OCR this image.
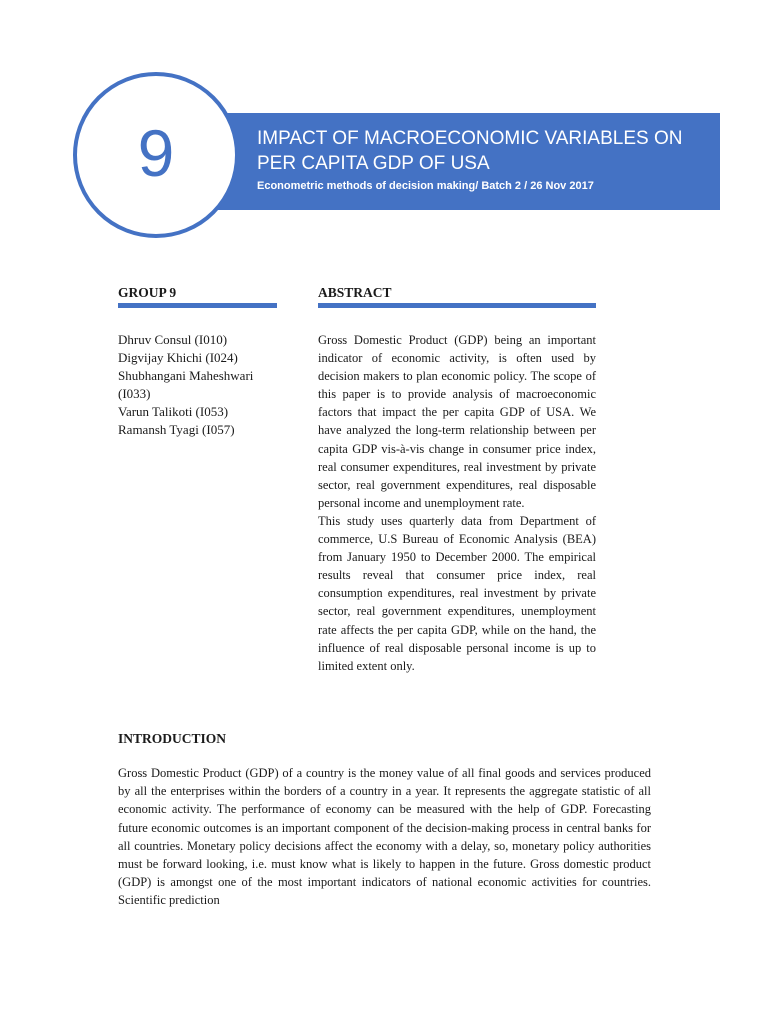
9	IMPACT OF MACROECONOMIC VARIABLES ON PER CAPITA GDP OF USA
Econometric methods of decision making/ Batch 2 / 26 Nov 2017
GROUP 9
Dhruv Consul (I010)
Digvijay Khichi (I024)
Shubhangani Maheshwari
(I033)
Varun Talikoti (I053)
Ramansh Tyagi (I057)
ABSTRACT

Gross Domestic Product (GDP) being an important indicator of economic activity, is often used by decision makers to plan economic policy. The scope of this paper is to provide analysis of macroeconomic factors that impact the per capita GDP of USA. We have analyzed the long-term relationship between per capita GDP vis-à-vis change in consumer price index, real consumer expenditures, real investment by private sector, real government expenditures, real disposable personal income and unemployment rate.

This study uses quarterly data from Department of commerce, U.S Bureau of Economic Analysis (BEA) from January 1950 to December 2000. The empirical results reveal that consumer price index, real consumption expenditures, real investment by private sector, real government expenditures, unemployment rate affects the per capita GDP, while on the hand, the influence of real disposable personal income is up to limited extent only.

INTRODUCTION

Gross Domestic Product (GDP) of a country is the money value of all final goods and services produced by all the enterprises within the borders of a country in a year. It represents the aggregate statistic of all economic activity. The performance of economy can be measured with the help of GDP. Forecasting future economic outcomes is an important component of the decision-making process in central banks for all countries. Monetary policy decisions affect the economy with a delay, so, monetary policy authorities must be forward looking, i.e. must know what is likely to happen in the future. Gross domestic product (GDP) is amongst one of the most important indicators of national economic activities for countries. Scientific prediction
